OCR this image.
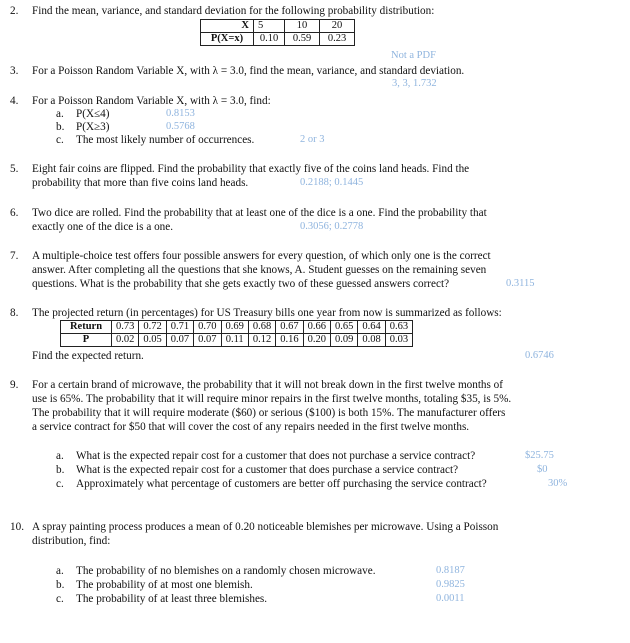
2. Find the mean, variance, and standard deviation for the following probability distribution:
X	5	10	20
P(X=x)	0.10	0.59	0.23
Not a PDF
3. For a Poisson Random Variable X, with λ = 3.0, find the mean, variance, and standard deviation.
3, 3, 1.732
4. For a Poisson Random Variable X, with λ = 3.0, find:
a. P(X≤4)	0.8153
b. P(X≥3)	0.5768
c. The most likely number of occurrences.	2 or 3
5. Eight fair coins are flipped. Find the probability that exactly five of the coins land heads. Find the
probability that more than five coins land heads.	0.2188; 0.1445
6. Two dice are rolled. Find the probability that at least one of the dice is a one. Find the probability that
exactly one of the dice is a one.	0.3056; 0.2778
7. A multiple-choice test offers four possible answers for every question, of which only one is the correct
answer. After completing all the questions that she knows, A. Student guesses on the remaining seven
questions. What is the probability that she gets exactly two of these guessed answers correct?	0.3115
8. The projected return (in percentages) for US Treasury bills one year from now is summarized as follows:
Return	0.73	0.72	0.71	0.70	0.69	0.68	0.67	0.66	0.65	0.64	0.63
P	0.02	0.05	0.07	0.07	0.11	0.12	0.16	0.20	0.09	0.08	0.03
Find the expected return.	0.6746
9. For a certain brand of microwave, the probability that it will not break down in the first twelve months of
use is 65%. The probability that it will require minor repairs in the first twelve months, totaling $35, is 5%.
The probability that it will require moderate ($60) or serious ($100) is both 15%. The manufacturer offers
a service contract for $50 that will cover the cost of any repairs needed in the first twelve months.
a. What is the expected repair cost for a customer that does not purchase a service contract?	$25.75
b. What is the expected repair cost for a customer that does purchase a service contract?	$0
c. Approximately what percentage of customers are better off purchasing the service contract?	30%
10. A spray painting process produces a mean of 0.20 noticeable blemishes per microwave. Using a Poisson
distribution, find:
a. The probability of no blemishes on a randomly chosen microwave.	0.8187
b. The probability of at most one blemish.	0.9825
c. The probability of at least three blemishes.	0.0011
